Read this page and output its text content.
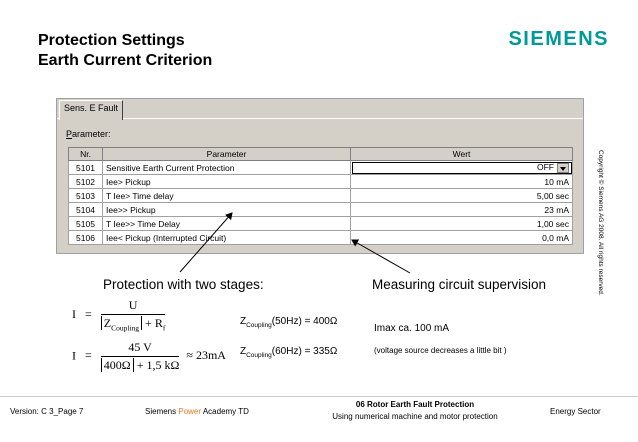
Protection Settings
Earth Current Criterion
SIEMENS
Sens. E Fault
Parameter:
Nr.	Parameter	Wert
5101	Sensitive Earth Current Protection	OFF
5102	Iee> Pickup	10 mA
5103	T Iee> Time delay	5,00 sec
5104	Iee>> Pickup	23 mA
5105	T Iee>> Time Delay	1,00 sec
5106	Iee< Pickup (Interrupted Circuit)	0,0 mA	Copyright © Siemens AG 2008. All rights reserved.
Protection with two stages:	Measuring circuit supervision
$I = \frac{U}{Z_{Coupling} + R_f}$
$I = \frac{45 V}{400\Omega + 1,5 k\Omega} \approx 23mA$
$Z_{Coupling}(50Hz) = 400\Omega$
$Z_{Coupling}(60Hz) = 335\Omega$
Imax ca. 100 mA
(voltage source decreases a little bit )
Version: C 3_Page 7	Siemens Power Academy TD
06 Rotor Earth Fault Protection
Using numerical machine and motor protection
Energy Sector
